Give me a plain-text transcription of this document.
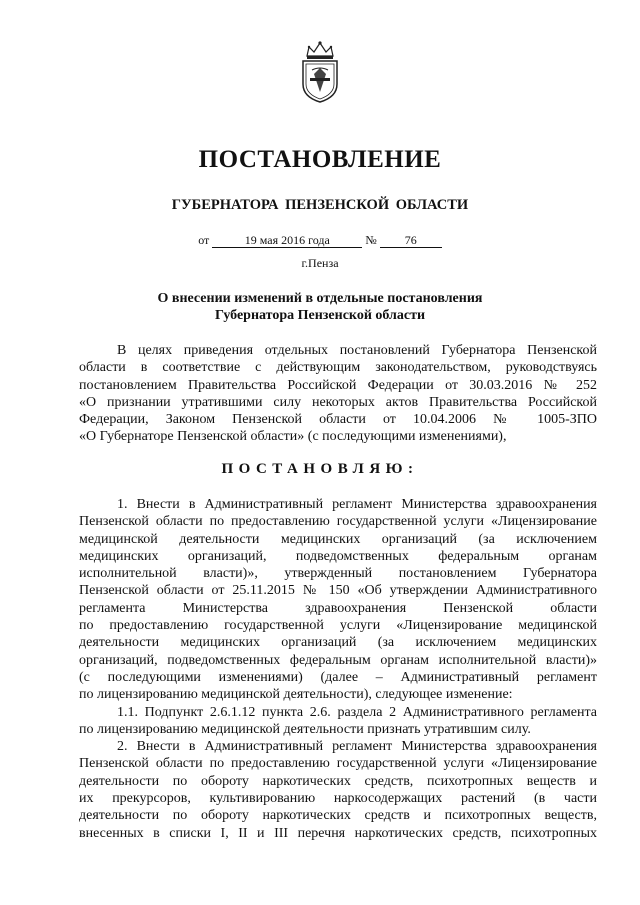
ПОСТАНОВЛЕНИЕ
ГУБЕРНАТОРА ПЕНЗЕНСКОЙ ОБЛАСТИ
от	19 мая 2016 года	№ 76
г.Пенза
О внесении изменений в отдельные постановления
Губернатора Пензенской области
В целях приведения отдельных постановлений Губернатора Пензенской
области в соответствие с действующим законодательством, руководствуясь
постановлением Правительства Российской Федерации от 30.03.2016 № 252
«О признании утратившими силу некоторых актов Правительства Российской
Федерации, Законом Пензенской области от 10.04.2006 № 1005-ЗПО
«О Губернаторе Пензенской области» (с последующими изменениями),
ПОСТАНОВЛЯЮ:
1. Внести в Административный регламент Министерства здравоохранения
Пензенской области по предоставлению государственной услуги «Лицензирование
медицинской деятельности медицинских организаций (за исключением
медицинских организаций, подведомственных федеральным органам
исполнительной власти)», утвержденный постановлением Губернатора
Пензенской области от 25.11.2015 № 150 «Об утверждении Административного
регламента Министерства здравоохранения Пензенской области
по предоставлению государственной услуги «Лицензирование медицинской
деятельности медицинских организаций (за исключением медицинских
организаций, подведомственных федеральным органам исполнительной власти)»
(с последующими изменениями) (далее – Административный регламент
по лицензированию медицинской деятельности), следующее изменение:
1.1. Подпункт 2.6.1.12 пункта 2.6. раздела 2 Административного регламента
по лицензированию медицинской деятельности признать утратившим силу.
2. Внести в Административный регламент Министерства здравоохранения
Пензенской области по предоставлению государственной услуги «Лицензирование
деятельности по обороту наркотических средств, психотропных веществ и
их прекурсоров, культивированию наркосодержащих растений (в части
деятельности по обороту наркотических средств и психотропных веществ,
внесенных в списки I, II и III перечня наркотических средств, психотропных
